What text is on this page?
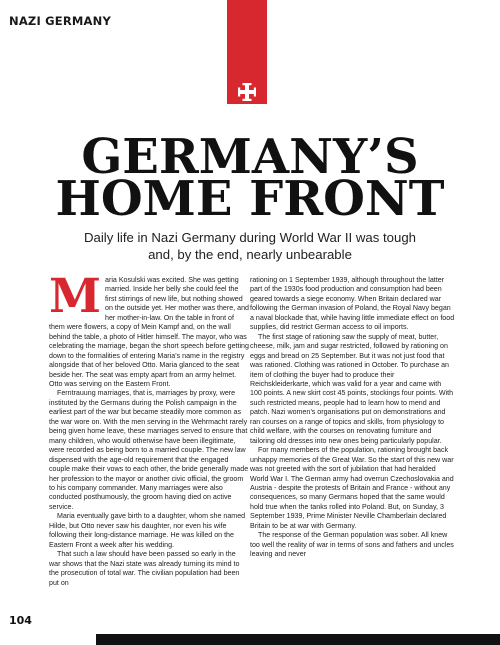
NAZI GERMANY
GERMANY’S
HOME FRONT
Daily life in Nazi Germany during World War II was tough
and, by the end, nearly unbearable

Maria Kosulski was excited. She was getting married. Inside her belly she could feel the first stirrings of new life, but nothing showed on the outside yet. Her mother was there, and her mother-in-law. On the table in front of them were flowers, a copy of Mein Kampf and, on the wall behind the table, a photo of Hitler himself. The mayor, who was celebrating the marriage, began the short speech before getting down to the formalities of entering Maria’s name in the registry alongside that of her beloved Otto. Maria glanced to the seat beside her. The seat was empty apart from an army helmet. Otto was serving on the Eastern Front.

Ferntrauung marriages, that is, marriages by proxy, were instituted by the Germans during the Polish campaign in the earliest part of the war but became steadily more common as the war wore on. With the men serving in the Wehrmacht rarely being given home leave, these marriages served to ensure that many children, who would otherwise have been illegitimate, were recorded as being born to a married couple. The new law dispensed with the age-old requirement that the engaged couple make their vows to each other, the bride generally made her profession to the mayor or another civic official, the groom to his company commander. Many marriages were also conducted posthumously, the groom having died on active service.

Maria eventually gave birth to a daughter, whom she named Hilde, but Otto never saw his daughter, nor even his wife following their long-distance marriage. He was killed on the Eastern Front a week after his wedding.

That such a law should have been passed so early in the war shows that the Nazi state was already turning its mind to the prosecution of total war. The civilian population had been put on

rationing on 1 September 1939, although throughout the latter part of the 1930s food production and consumption had been geared towards a siege economy. When Britain declared war following the German invasion of Poland, the Royal Navy began a naval blockade that, while having little immediate effect on food supplies, did restrict German access to oil imports.

The first stage of rationing saw the supply of meat, butter, cheese, milk, jam and sugar restricted, followed by rationing on eggs and bread on 25 September. But it was not just food that was rationed. Clothing was rationed in October. To purchase an item of clothing the buyer had to produce their Reichskleiderkarte, which was valid for a year and came with 100 points. A new skirt cost 45 points, stockings four points. With such restricted means, people had to learn how to mend and patch. Nazi women’s organisations put on demonstrations and ran courses on a range of topics and skills, from physiology to child welfare, with the courses on renovating furniture and tailoring old dresses into new ones being particularly popular.

For many members of the population, rationing brought back unhappy memories of the Great War. So the start of this new war was not greeted with the sort of jubilation that had heralded World War I. The German army had overrun Czechoslovakia and Austria - despite the protests of Britain and France - without any consequences, so many Germans hoped that the same would hold true when the tanks rolled into Poland. But, on Sunday, 3 September 1939, Prime Minister Neville Chamberlain declared Britain to be at war with Germany.

The response of the German population was sober. All knew too well the reality of war in terms of sons and fathers and uncles leaving and never

104
